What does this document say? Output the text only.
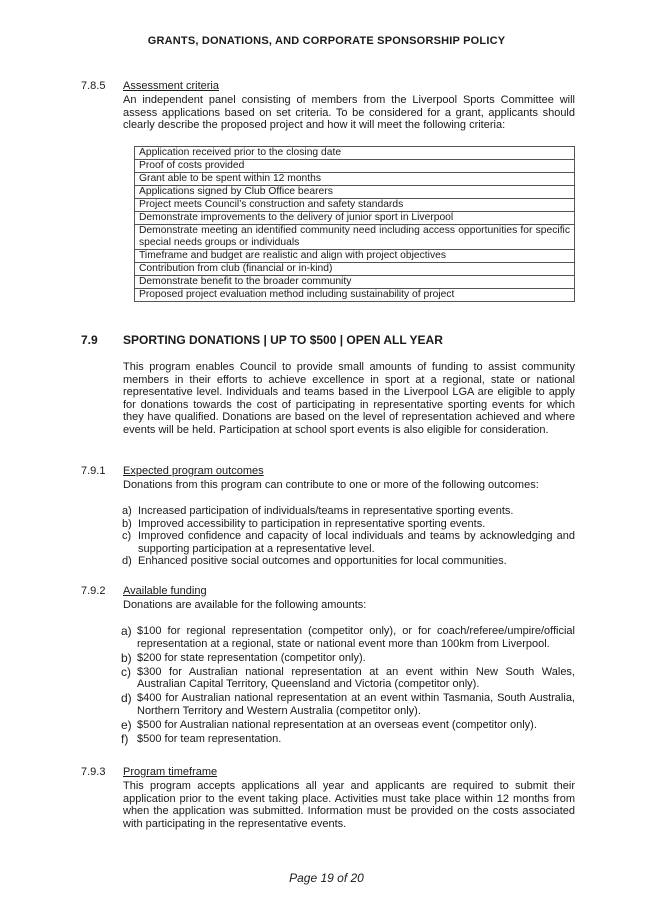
GRANTS, DONATIONS, AND CORPORATE SPONSORSHIP POLICY
7.8.5 Assessment criteria
An independent panel consisting of members from the Liverpool Sports Committee will assess applications based on set criteria. To be considered for a grant, applicants should clearly describe the proposed project and how it will meet the following criteria:
Application received prior to the closing date
Proof of costs provided
Grant able to be spent within 12 months
Applications signed by Club Office bearers
Project meets Council’s construction and safety standards
Demonstrate improvements to the delivery of junior sport in Liverpool
Demonstrate meeting an identified community need including access opportunities for specific special needs groups or individuals
Timeframe and budget are realistic and align with project objectives
Contribution from club (financial or in-kind)
Demonstrate benefit to the broader community
Proposed project evaluation method including sustainability of project
7.9 SPORTING DONATIONS | UP TO $500 | OPEN ALL YEAR
This program enables Council to provide small amounts of funding to assist community members in their efforts to achieve excellence in sport at a regional, state or national representative level. Individuals and teams based in the Liverpool LGA are eligible to apply for donations towards the cost of participating in representative sporting events for which they have qualified. Donations are based on the level of representation achieved and where events will be held. Participation at school sport events is also eligible for consideration.
7.9.1 Expected program outcomes
Donations from this program can contribute to one or more of the following outcomes:
a) Increased participation of individuals/teams in representative sporting events.
b) Improved accessibility to participation in representative sporting events.
c) Improved confidence and capacity of local individuals and teams by acknowledging and supporting participation at a representative level.
d) Enhanced positive social outcomes and opportunities for local communities.
7.9.2 Available funding
Donations are available for the following amounts:
a) $100 for regional representation (competitor only), or for coach/referee/umpire/official representation at a regional, state or national event more than 100km from Liverpool.
b) $200 for state representation (competitor only).
c) $300 for Australian national representation at an event within New South Wales, Australian Capital Territory, Queensland and Victoria (competitor only).
d) $400 for Australian national representation at an event within Tasmania, South Australia, Northern Territory and Western Australia (competitor only).
e) $500 for Australian national representation at an overseas event (competitor only).
f) $500 for team representation.
7.9.3 Program timeframe
This program accepts applications all year and applicants are required to submit their application prior to the event taking place. Activities must take place within 12 months from when the application was submitted. Information must be provided on the costs associated with participating in the representative events.
Page 19 of 20
